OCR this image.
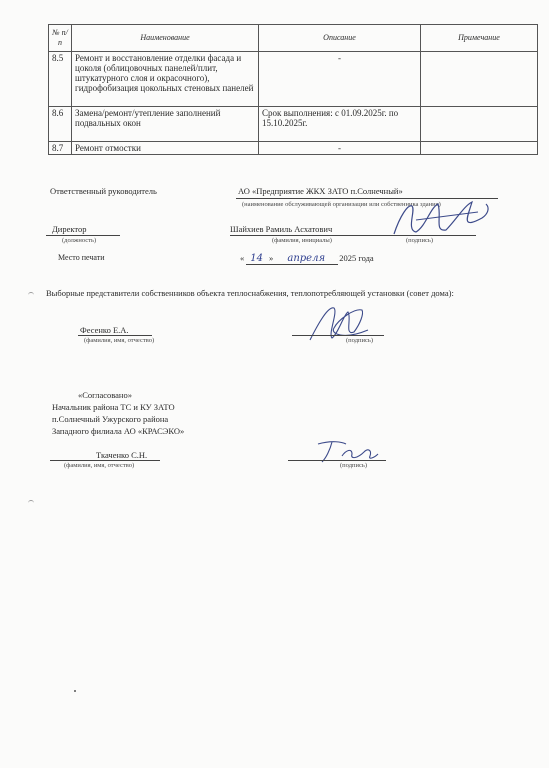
№ п/п	Наименование	Описание	Примечание
8.5	Ремонт и восстановление отделки фасада и цоколя (облицовочных панелей/плит, штукатурного слоя и окрасочного), гидрофобизация цокольных стеновых панелей	-	
8.6	Замена/ремонт/утепление заполнений подвальных окон	Срок выполнения: с 01.09.2025г. по 15.10.2025г.	
8.7	Ремонт отмостки	-	
Ответственный руководитель	АО «Предприятие ЖКХ ЗАТО п.Солнечный»
(наименование обслуживающей организации или собственника здания)
Директор
(должность)
Шайхиев Рамиль Асхатович
(фамилия, инициалы)	(подпись)
Место печати	« 14 » апреля 2025 года
Выборные представители собственников объекта теплоснабжения, теплопотребляющей установки (совет дома):
Фесенко Е.А.
(фамилия, имя, отчество)	(подпись)
«Согласовано»
Начальник района ТС и КУ ЗАТО
п.Солнечный Ужурского района
Западного филиала АО «КРАСЭКО»
Ткаченко С.Н.
(фамилия, имя, отчество)	(подпись)
